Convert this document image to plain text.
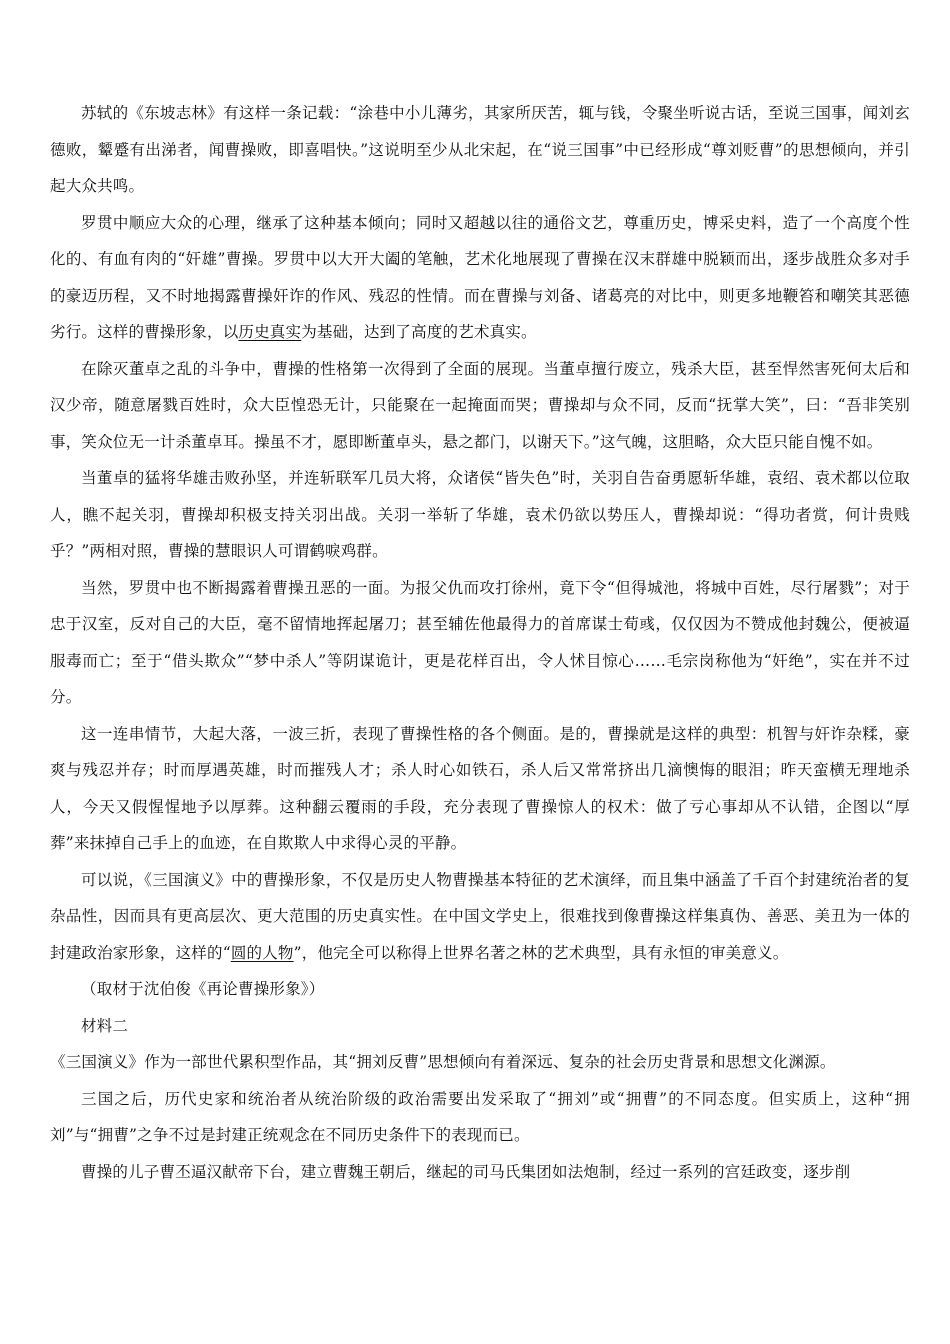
苏轼的《东坡志林》有这样一条记载：“涂巷中小儿薄劣，其家所厌苦，辄与钱，令聚坐听说古话，至说三国事，闻刘玄德败，颦蹙有出涕者，闻曹操败，即喜唱快。”这说明至少从北宋起，在“说三国事”中已经形成“尊刘贬曹”的思想倾向，并引起大众共鸣。

罗贯中顺应大众的心理，继承了这种基本倾向；同时又超越以往的通俗文艺，尊重历史，博采史料，造了一个高度个性化的、有血有肉的“奸雄”曹操。罗贯中以大开大阖的笔触，艺术化地展现了曹操在汉末群雄中脱颖而出，逐步战胜众多对手的豪迈历程，又不时地揭露曹操奸诈的作风、残忍的性情。而在曹操与刘备、诸葛亮的对比中，则更多地鞭笞和嘲笑其恶德劣行。这样的曹操形象，以历史真实为基础，达到了高度的艺术真实。

在除灭董卓之乱的斗争中，曹操的性格第一次得到了全面的展现。当董卓擅行废立，残杀大臣，甚至悍然害死何太后和汉少帝，随意屠戮百姓时，众大臣惶恐无计，只能聚在一起掩面而哭；曹操却与众不同，反而“抚掌大笑”，曰：“吾非笑别事，笑众位无一计杀董卓耳。操虽不才，愿即断董卓头，悬之都门，以谢天下。”这气魄，这胆略，众大臣只能自愧不如。

当董卓的猛将华雄击败孙坚，并连斩联军几员大将，众诸侯“皆失色”时，关羽自告奋勇愿斩华雄，袁绍、袁术都以位取人，瞧不起关羽，曹操却积极支持关羽出战。关羽一举斩了华雄，袁术仍欲以势压人，曹操却说：“得功者赏，何计贵贱乎？”两相对照，曹操的慧眼识人可谓鹤唳鸡群。

当然，罗贯中也不断揭露着曹操丑恶的一面。为报父仇而攻打徐州，竟下令“但得城池，将城中百姓，尽行屠戮”；对于忠于汉室，反对自己的大臣，毫不留情地挥起屠刀；甚至辅佐他最得力的首席谋士荀彧，仅仅因为不赞成他封魏公，便被逼服毒而亡；至于“借头欺众”“梦中杀人”等阴谋诡计，更是花样百出，令人怵目惊心……毛宗岗称他为“奸绝”，实在并不过分。

这一连串情节，大起大落，一波三折，表现了曹操性格的各个侧面。是的，曹操就是这样的典型：机智与奸诈杂糅，豪爽与残忍并存；时而厚遇英雄，时而摧残人才；杀人时心如铁石，杀人后又常常挤出几滴懊悔的眼泪；昨天蛮横无理地杀人，今天又假惺惺地予以厚葬。这种翻云覆雨的手段，充分表现了曹操惊人的权术：做了亏心事却从不认错，企图以“厚葬”来抹掉自己手上的血迹，在自欺欺人中求得心灵的平静。

可以说，《三国演义》中的曹操形象，不仅是历史人物曹操基本特征的艺术演绎，而且集中涵盖了千百个封建统治者的复杂品性，因而具有更高层次、更大范围的历史真实性。在中国文学史上，很难找到像曹操这样集真伪、善恶、美丑为一体的封建政治家形象，这样的“圆的人物”，他完全可以称得上世界名著之林的艺术典型，具有永恒的审美意义。

（取材于沈伯俊《再论曹操形象》）

材料二

《三国演义》作为一部世代累积型作品，其“拥刘反曹”思想倾向有着深远、复杂的社会历史背景和思想文化渊源。

三国之后，历代史家和统治者从统治阶级的政治需要出发采取了“拥刘”或“拥曹”的不同态度。但实质上，这种“拥刘”与“拥曹”之争不过是封建正统观念在不同历史条件下的表现而已。

曹操的儿子曹丕逼汉献帝下台，建立曹魏王朝后，继起的司马氏集团如法炮制，经过一系列的宫廷政变，逐步削
